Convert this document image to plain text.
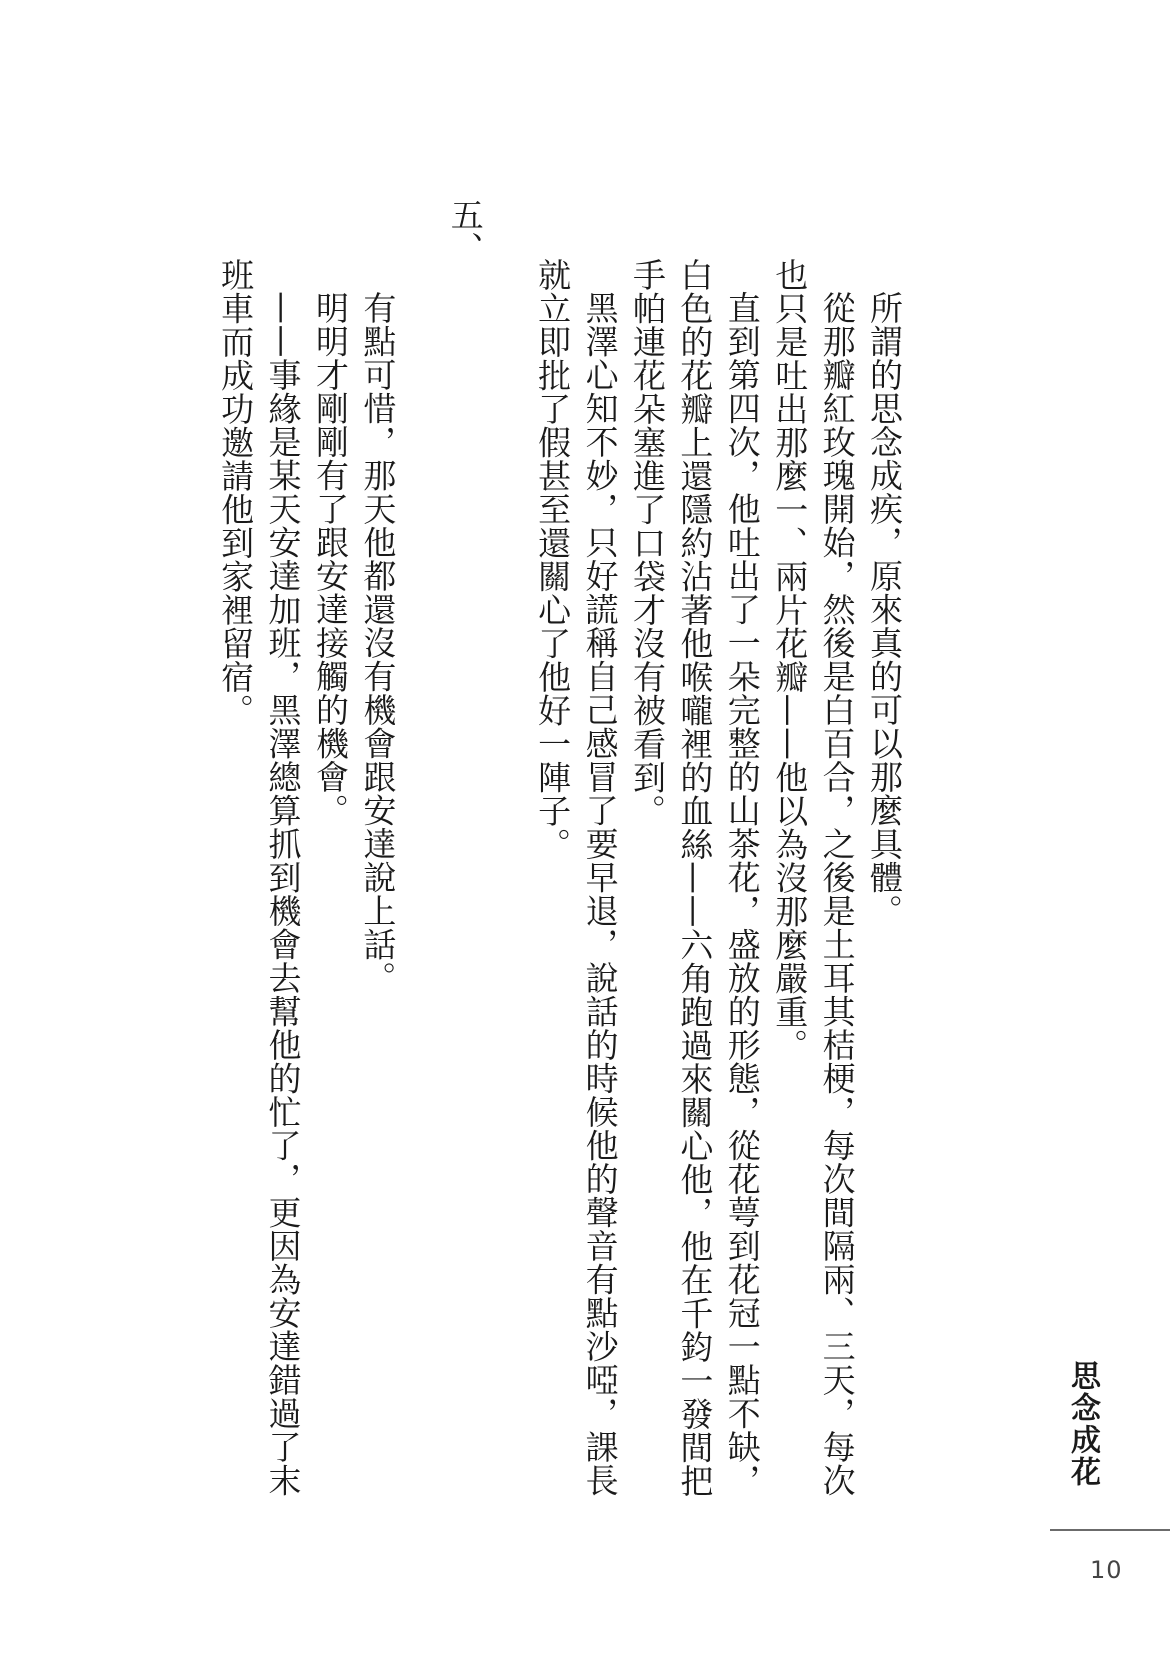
所謂的思念成疾，原來真的可以那麼具體。

從那瓣紅玫瑰開始，然後是白百合，之後是土耳其桔梗，每次間隔兩、三天，每次也只是吐出那麼一、兩片花瓣——他以為沒那麼嚴重。

直到第四次，他吐出了一朵完整的山茶花，盛放的形態，從花萼到花冠一點不缺，白色的花瓣上還隱約沾著他喉嚨裡的血絲——六角跑過來關心他，他在千鈞一發間把手帕連花朵塞進了口袋才沒有被看到。

黑澤心知不妙，只好謊稱自己感冒了要早退，說話的時候他的聲音有點沙啞，課長就立即批了假甚至還關心了他好一陣子。

五、

有點可惜，那天他都還沒有機會跟安達說上話。

明明才剛剛有了跟安達接觸的機會。

——事緣是某天安達加班，黑澤總算抓到機會去幫他的忙了，更因為安達錯過了末班車而成功邀請他到家裡留宿。

思念成花
10
